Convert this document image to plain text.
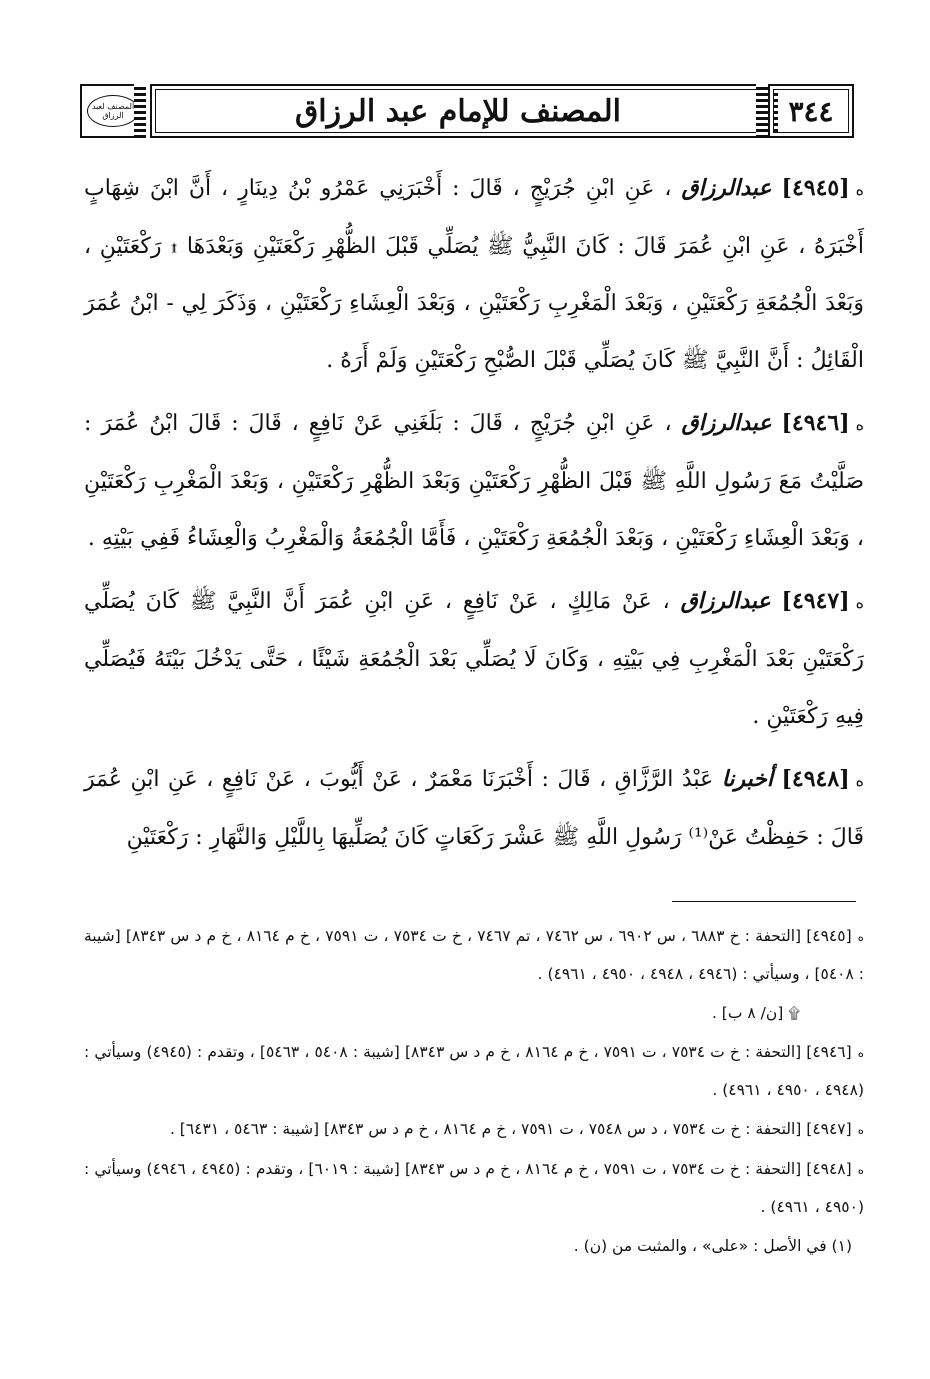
المصنف لعبد الرزاق	المصنف للإمام عبد الرزاق	٣٤٤

ە[٤٩٤٥] عبدالرزاق ، عَنِ ابْنِ جُرَيْجٍ ، قَالَ : أَخْبَرَنِي عَمْرُو بْنُ دِينَارٍ ، أَنَّ ابْنَ شِهَابٍ أَخْبَرَهُ ، عَنِ ابْنِ عُمَرَ قَالَ : كَانَ النَّبِيُّ ﷺ يُصَلِّي قَبْلَ الظُّهْرِ رَكْعَتَيْنِ وَبَعْدَهَا ۩ رَكْعَتَيْنِ ، وَبَعْدَ الْجُمُعَةِ رَكْعَتَيْنِ ، وَبَعْدَ الْمَغْرِبِ رَكْعَتَيْنِ ، وَبَعْدَ الْعِشَاءِ رَكْعَتَيْنِ ، وَذَكَرَ لِي - ابْنُ عُمَرَ الْقَائِلُ : أَنَّ النَّبِيَّ ﷺ كَانَ يُصَلِّي قَبْلَ الصُّبْحِ رَكْعَتَيْنِ وَلَمْ أَرَهُ .

ە[٤٩٤٦] عبدالرزاق ، عَنِ ابْنِ جُرَيْجٍ ، قَالَ : بَلَغَنِي عَنْ نَافِعٍ ، قَالَ : قَالَ ابْنُ عُمَرَ : صَلَّيْتُ مَعَ رَسُولِ اللَّهِ ﷺ قَبْلَ الظُّهْرِ رَكْعَتَيْنِ وَبَعْدَ الظُّهْرِ رَكْعَتَيْنِ ، وَبَعْدَ الْمَغْرِبِ رَكْعَتَيْنِ ، وَبَعْدَ الْعِشَاءِ رَكْعَتَيْنِ ، وَبَعْدَ الْجُمُعَةِ رَكْعَتَيْنِ ، فَأَمَّا الْجُمُعَةُ وَالْمَغْرِبُ وَالْعِشَاءُ فَفِي بَيْتِهِ .

ە[٤٩٤٧] عبدالرزاق ، عَنْ مَالِكٍ ، عَنْ نَافِعٍ ، عَنِ ابْنِ عُمَرَ أَنَّ النَّبِيَّ ﷺ كَانَ يُصَلِّي رَكْعَتَيْنِ بَعْدَ الْمَغْرِبِ فِي بَيْتِهِ ، وَكَانَ لَا يُصَلِّي بَعْدَ الْجُمُعَةِ شَيْئًا ، حَتَّى يَدْخُلَ بَيْتَهُ فَيُصَلِّي فِيهِ رَكْعَتَيْنِ .

ە[٤٩٤٨] أخبرنا عَبْدُ الرَّزَّاقِ ، قَالَ : أَخْبَرَنَا مَعْمَرٌ ، عَنْ أَيُّوبَ ، عَنْ نَافِعٍ ، عَنِ ابْنِ عُمَرَ قَالَ : حَفِظْتُ عَنْ⁽¹⁾ رَسُولِ اللَّهِ ﷺ عَشْرَ رَكَعَاتٍ كَانَ يُصَلِّيهَا بِاللَّيْلِ وَالنَّهَارِ : رَكْعَتَيْنِ

ە[٤٩٤٥] [التحفة : خ ٦٨٨٣ ، س ٦٩٠٢ ، س ٧٤٦٢ ، تم ٧٤٦٧ ، خ ت ٧٥٣٤ ، ت ٧٥٩١ ، خ م ٨١٦٤ ، خ م د س ٨٣٤٣] [شيبة : ٥٤٠٨] ، وسيأتي : (٤٩٤٦ ، ٤٩٤٨ ، ٤٩٥٠ ، ٤٩٦١) .

۩ [ن/ ٨ ب] .

ە[٤٩٤٦] [التحفة : خ ت ٧٥٣٤ ، ت ٧٥٩١ ، خ م ٨١٦٤ ، خ م د س ٨٣٤٣] [شيبة : ٥٤٠٨ ، ٥٤٦٣] ، وتقدم : (٤٩٤٥) وسيأتي : (٤٩٤٨ ، ٤٩٥٠ ، ٤٩٦١) .

ە[٤٩٤٧] [التحفة : خ ت ٧٥٣٤ ، د س ٧٥٤٨ ، ت ٧٥٩١ ، خ م ٨١٦٤ ، خ م د س ٨٣٤٣] [شيبة : ٥٤٦٣ ، ٦٤٣١] .

ە[٤٩٤٨] [التحفة : خ ت ٧٥٣٤ ، ت ٧٥٩١ ، خ م ٨١٦٤ ، خ م د س ٨٣٤٣] [شيبة : ٦٠١٩] ، وتقدم : (٤٩٤٥ ، ٤٩٤٦) وسيأتي : (٤٩٥٠ ، ٤٩٦١) .

(١) في الأصل : «على» ، والمثبت من (ن) .
